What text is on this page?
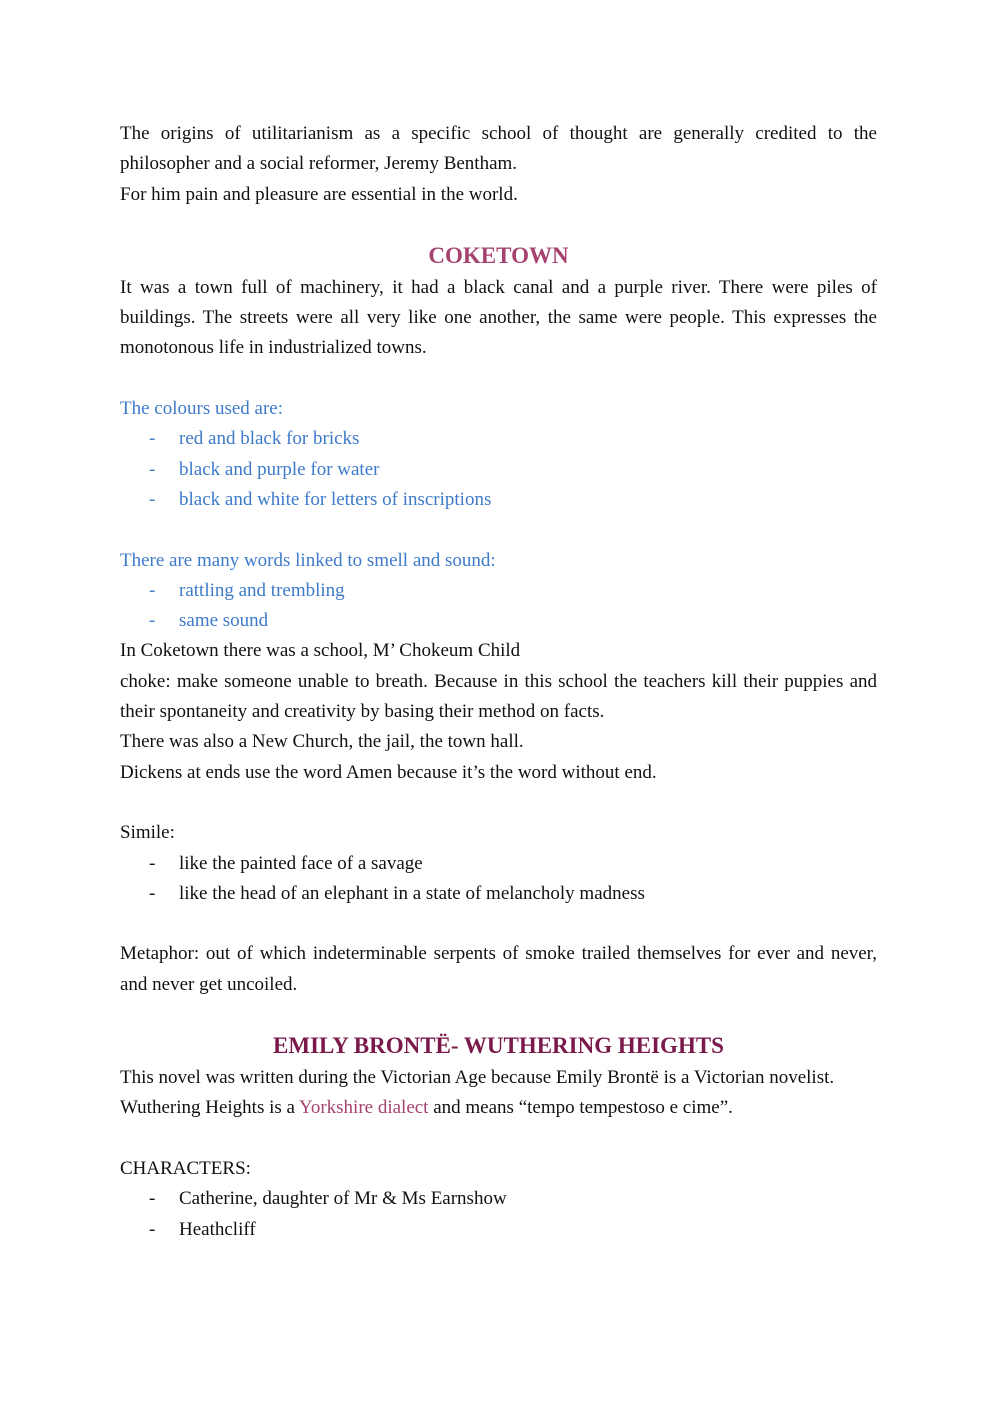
The origins of utilitarianism as a specific school of thought are generally credited to the philosopher and a social reformer, Jeremy Bentham.

For him pain and pleasure are essential in the world.

COKETOWN

It was a town full of machinery, it had a black canal and a purple river. There were piles of buildings. The streets were all very like one another, the same were people. This expresses the monotonous life in industrialized towns.

The colours used are:

- red and black for bricks
- black and purple for water
- black and white for letters of inscriptions

There are many words linked to smell and sound:

- rattling and trembling
- same sound

In Coketown there was a school, M’ Chokeum Child

choke: make someone unable to breath. Because in this school the teachers kill their puppies and their spontaneity and creativity by basing their method on facts.

There was also a New Church, the jail, the town hall.

Dickens at ends use the word Amen because it’s the word without end.

Simile:

- like the painted face of a savage
- like the head of an elephant in a state of melancholy madness

Metaphor: out of which indeterminable serpents of smoke trailed themselves for ever and never, and never get uncoiled.

EMILY BRONTË- WUTHERING HEIGHTS

This novel was written during the Victorian Age because Emily Brontë is a Victorian novelist.

Wuthering Heights is a Yorkshire dialect and means “tempo tempestoso e cime”.

CHARACTERS:

- Catherine, daughter of Mr & Ms Earnshow
- Heathcliff
